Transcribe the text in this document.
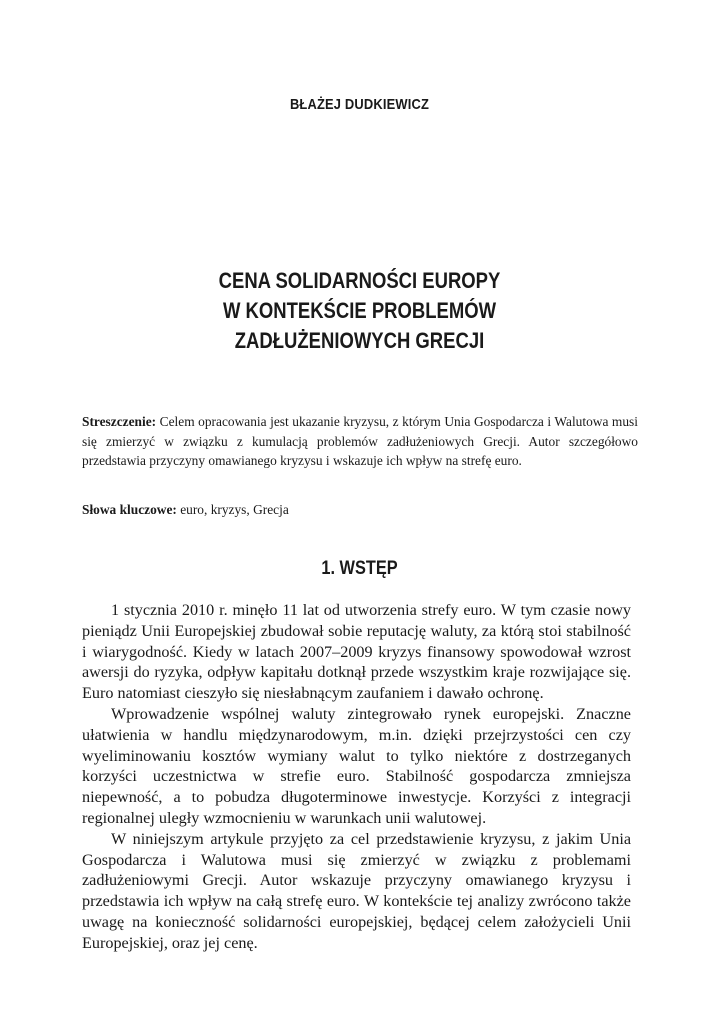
BŁAŻEJ DUDKIEWICZ
CENA SOLIDARNOŚCI EUROPY
W KONTEKŚCIE PROBLEMÓW
ZADŁUŻENIOWYCH GRECJI
Streszczenie: Celem opracowania jest ukazanie kryzysu, z którym Unia Gospodarcza i Walutowa musi się zmierzyć w związku z kumulacją problemów zadłużeniowych Grecji. Autor szczegółowo przedstawia przyczyny omawianego kryzysu i wskazuje ich wpływ na strefę euro.
Słowa kluczowe: euro, kryzys, Grecja
1. WSTĘP

1 stycznia 2010 r. minęło 11 lat od utworzenia strefy euro. W tym czasie nowy pieniądz Unii Europejskiej zbudował sobie reputację waluty, za którą stoi stabilność i wiarygodność. Kiedy w latach 2007–2009 kryzys finansowy spowodował wzrost awersji do ryzyka, odpływ kapitału dotknął przede wszystkim kraje rozwijające się. Euro natomiast cieszyło się niesłabnącym zaufaniem i dawało ochronę.

Wprowadzenie wspólnej waluty zintegrowało rynek europejski. Znaczne ułatwienia w handlu międzynarodowym, m.in. dzięki przejrzystości cen czy wyeliminowaniu kosztów wymiany walut to tylko niektóre z dostrzeganych korzyści uczestnictwa w strefie euro. Stabilność gospodarcza zmniejsza niepewność, a to pobudza długoterminowe inwestycje. Korzyści z integracji regionalnej uległy wzmocnieniu w warunkach unii walutowej.

W niniejszym artykule przyjęto za cel przedstawienie kryzysu, z jakim Unia Gospodarcza i Walutowa musi się zmierzyć w związku z problemami zadłużeniowymi Grecji. Autor wskazuje przyczyny omawianego kryzysu i przedstawia ich wpływ na całą strefę euro. W kontekście tej analizy zwrócono także uwagę na konieczność solidarności europejskiej, będącej celem założycieli Unii Europejskiej, oraz jej cenę.
